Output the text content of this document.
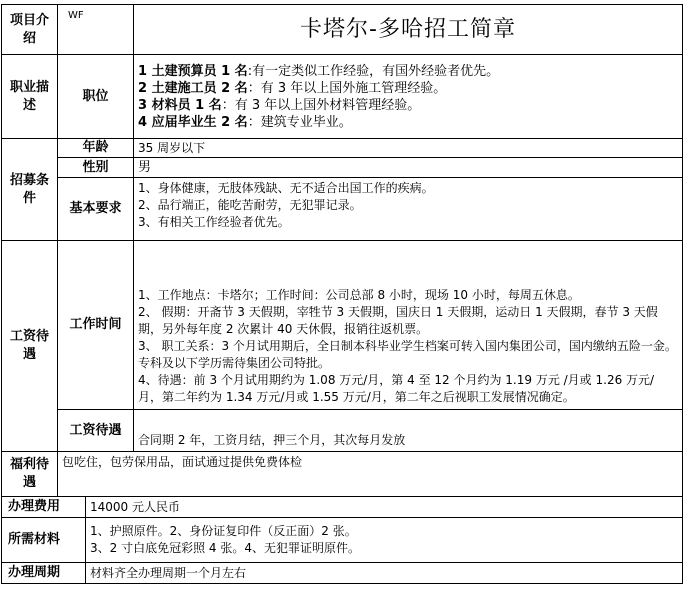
项目介绍	WF		卡塔尔-多哈招工简章
职业描述	职位		1 土建预算员 1 名:有一定类似工作经验，有国外经验者优先。
2 土建施工员 2 名：有 3 年以上国外施工管理经验。
3 材料员 1 名：有 3 年以上国外材料管理经验。
4 应届毕业生 2 名：建筑专业毕业。

招募条件	年龄		35 周岁以下
	性别		男
	基本要求		1、身体健康，无肢体残缺、无不适合出国工作的疾病。
2、品行端正，能吃苦耐劳，无犯罪记录。
3、有相关工作经验者优先。

工资待遇	工作时间		1、工作地点：卡塔尔；工作时间：公司总部 8 小时，现场 10 小时，每周五休息。
2、 假期：开斋节 3 天假期，宰牲节 3 天假期，国庆日 1 天假期，运动日 1 天假期，春节 3 天假期，另外每年度 2 次累计 40 天休假，报销往返机票。
3、 职工关系：3 个月试用期后，全日制本科毕业学生档案可转入国内集团公司，国内缴纳五险一金。专科及以下学历需待集团公司特批。
4、待遇：前 3 个月试用期约为 1.08 万元/月，第 4 至 12 个月约为 1.19 万元 /月或 1.26 万元/月，第二年约为 1.34 万元/月或 1.55 万元/月，第二年之后视职工发展情况确定。

	工资待遇		合同期 2 年，工资月结，押三个月，其次每月发放
福利待遇	包吃住，包劳保用品，面试通过提供免费体检		
办理费用		14000 元人民币	
所需材料		1、护照原件。2、身份证复印件（反正面）2 张。
3、2 寸白底免冠彩照 4 张。4、无犯罪证明原件。	

办理周期		材料齐全办理周期一个月左右	
